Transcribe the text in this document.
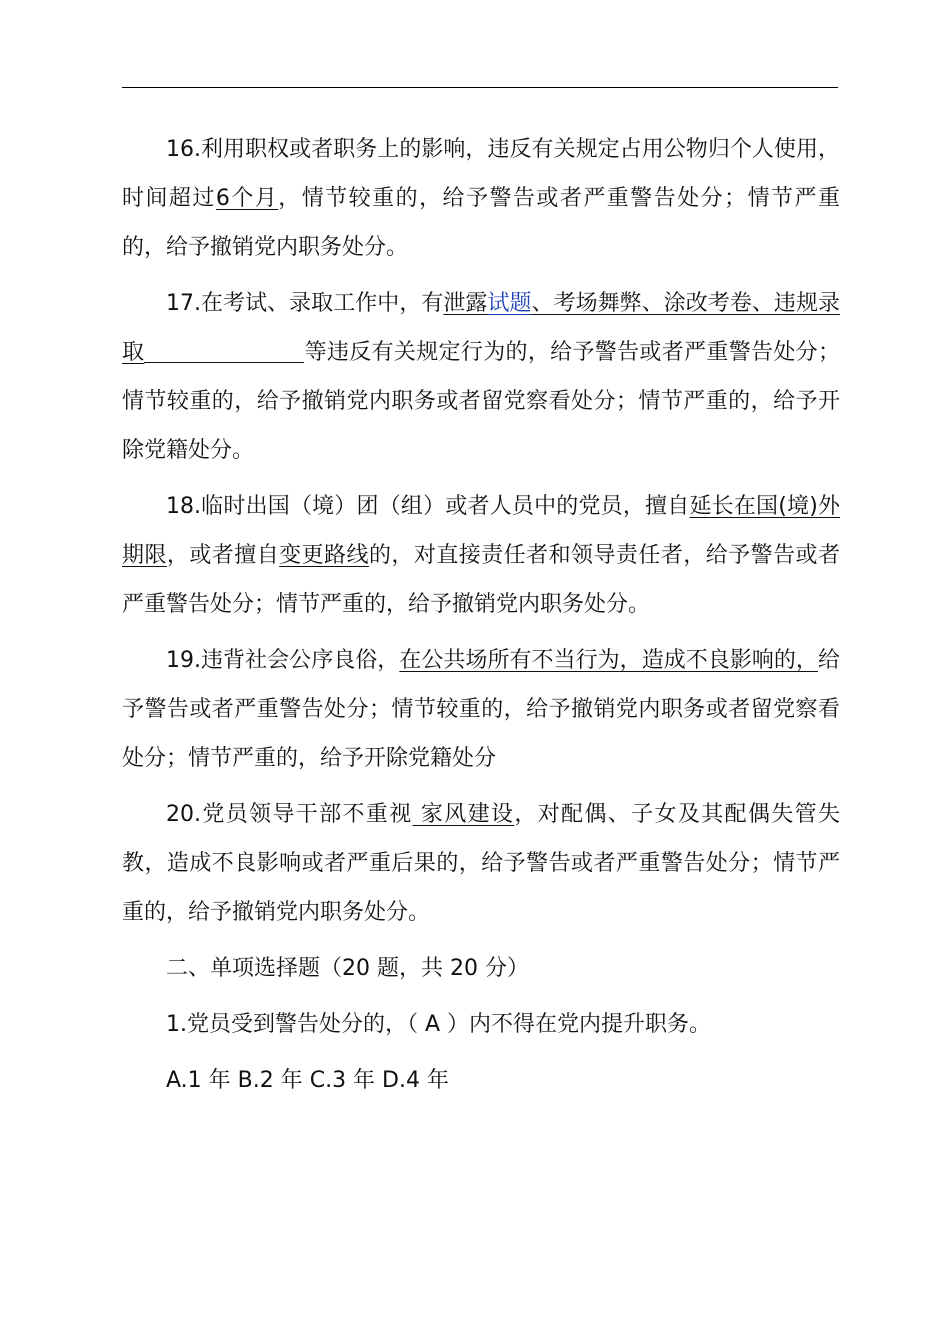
16.利用职权或者职务上的影响，违反有关规定占用公物归个人使用，时间超过6个月，情节较重的，给予警告或者严重警告处分；情节严重的，给予撤销党内职务处分。

17.在考试、录取工作中，有泄露试题、考场舞弊、涂改考卷、违规录取	等违反有关规定行为的，给予警告或者严重警告处分；情节较重的，给予撤销党内职务或者留党察看处分；情节严重的，给予开除党籍处分。

18.临时出国（境）团（组）或者人员中的党员，擅自延长在国(境)外期限，或者擅自变更路线的，对直接责任者和领导责任者，给予警告或者严重警告处分；情节严重的，给予撤销党内职务处分。

19.违背社会公序良俗，在公共场所有不当行为，造成不良影响的，给予警告或者严重警告处分；情节较重的，给予撤销党内职务或者留党察看处分；情节严重的，给予开除党籍处分

20.党员领导干部不重视 家风建设，对配偶、子女及其配偶失管失教，造成不良影响或者严重后果的，给予警告或者严重警告处分；情节严重的，给予撤销党内职务处分。

二、单项选择题（20 题，共 20 分）

1.党员受到警告处分的，（ A ）内不得在党内提升职务。

A.1 年 B.2 年 C.3 年 D.4 年
